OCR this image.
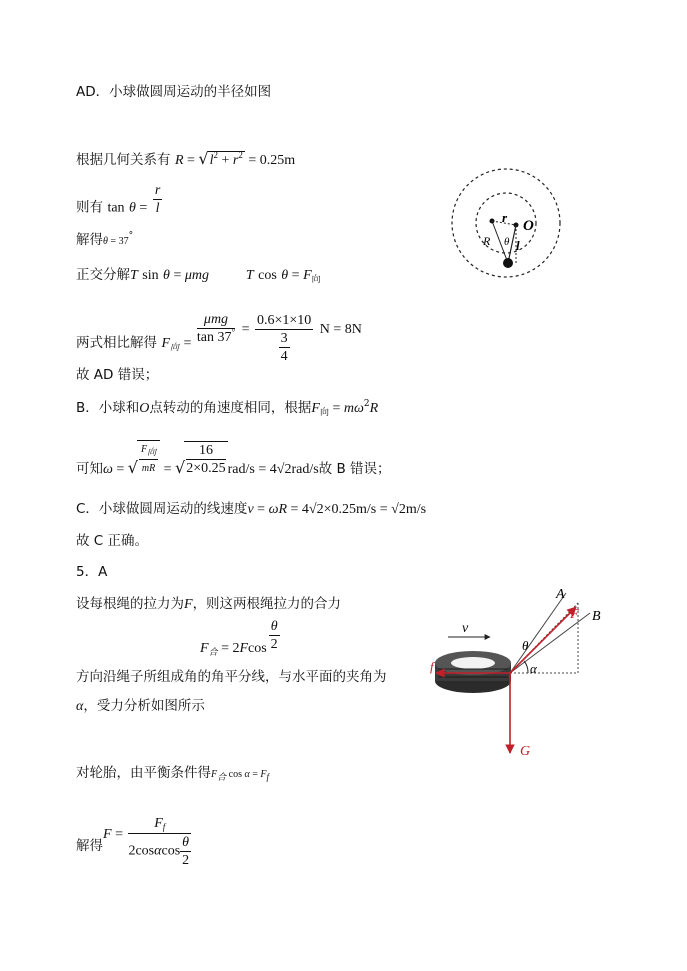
AD．小球做圆周运动的半径如图
根据几何关系有 $R = √l^2 + r^2 = 0.25m$
则有 $\tan \theta = \frac{r}{l}$
解得θ = 37°
正交分解T sin θ = μmg	T $\cos \theta = F_向$
两式相比解得 $F_向 = \frac{\text{μmg}}{\tan 37^\circ} = \frac{0.6\times 1\times 10}{\frac{3}{4}}$ N = 8N
故 AD 错误；
B．小球和O点转动的角速度相同，根据$F_向 = m\omega^2R$
可知ω = √ $\frac{\text{F向}}{mR}$ = √ $\frac{16}{2\times 0.25} rad/s = 4√2rad/s$故 B 错误；
C．小球做圆周运动的线速度v = ωR = 4√2×0.25m/s = √2m/s
故 C 正确。
5．A
设每根绳的拉力为F，则这两根绳拉力的合力
$F_合 = 2Fcos \frac{\theta}{2}$
方向沿绳子所组成角的角平分线，与水平面的夹角为
α，受力分析如图所示
对轮胎，由平衡条件得F合 cos α = Ff
解得$F = \frac{F_f}{2\cos\alpha\cos \frac{\theta}{2}}$
r
O
R θ l
v
A
F B
θ
α
f
G
